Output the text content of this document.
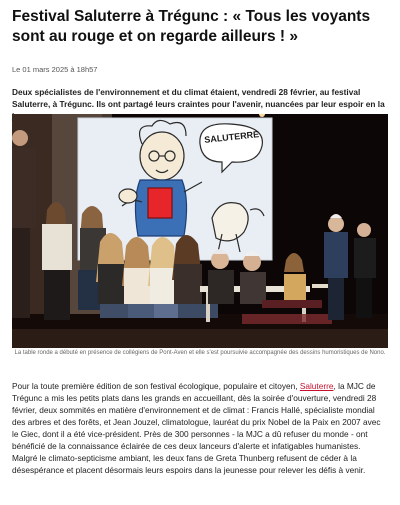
Festival Saluterre à Trégunc : « Tous les voyants sont au rouge et on regarde ailleurs ! »
Le 01 mars 2025 à 18h57

Deux spécialistes de l'environnement et du climat étaient, vendredi 28 février, au festival Saluterre, à Trégunc. Ils ont partagé leurs craintes pour l'avenir, nuancées par leur espoir en la

SALUTERRE

La table ronde a débuté en présence de collégiens de Pont-Aven et elle s'est poursuivie accompagnée des dessins humoristiques de Nono.

Pour la toute première édition de son festival écologique, populaire et citoyen, Saluterre, la MJC de Trégunc a mis les petits plats dans les grands en accueillant, dès la soirée d'ouverture, vendredi 28 février, deux sommités en matière d'environnement et de climat : Francis Hallé, spécialiste mondial des arbres et des forêts, et Jean Jouzel, climatologue, lauréat du prix Nobel de la Paix en 2007 avec le Giec, dont il a été vice-président. Près de 300 personnes - la MJC a dû refuser du monde - ont bénéficié de la connaissance éclairée de ces deux lanceurs d'alerte et infatigables humanistes. Malgré le climato-septicisme ambiant, les deux fans de Greta Thunberg refusent de céder à la désespérance et placent désormais leurs espoirs dans la jeunesse pour relever les défis à venir.
